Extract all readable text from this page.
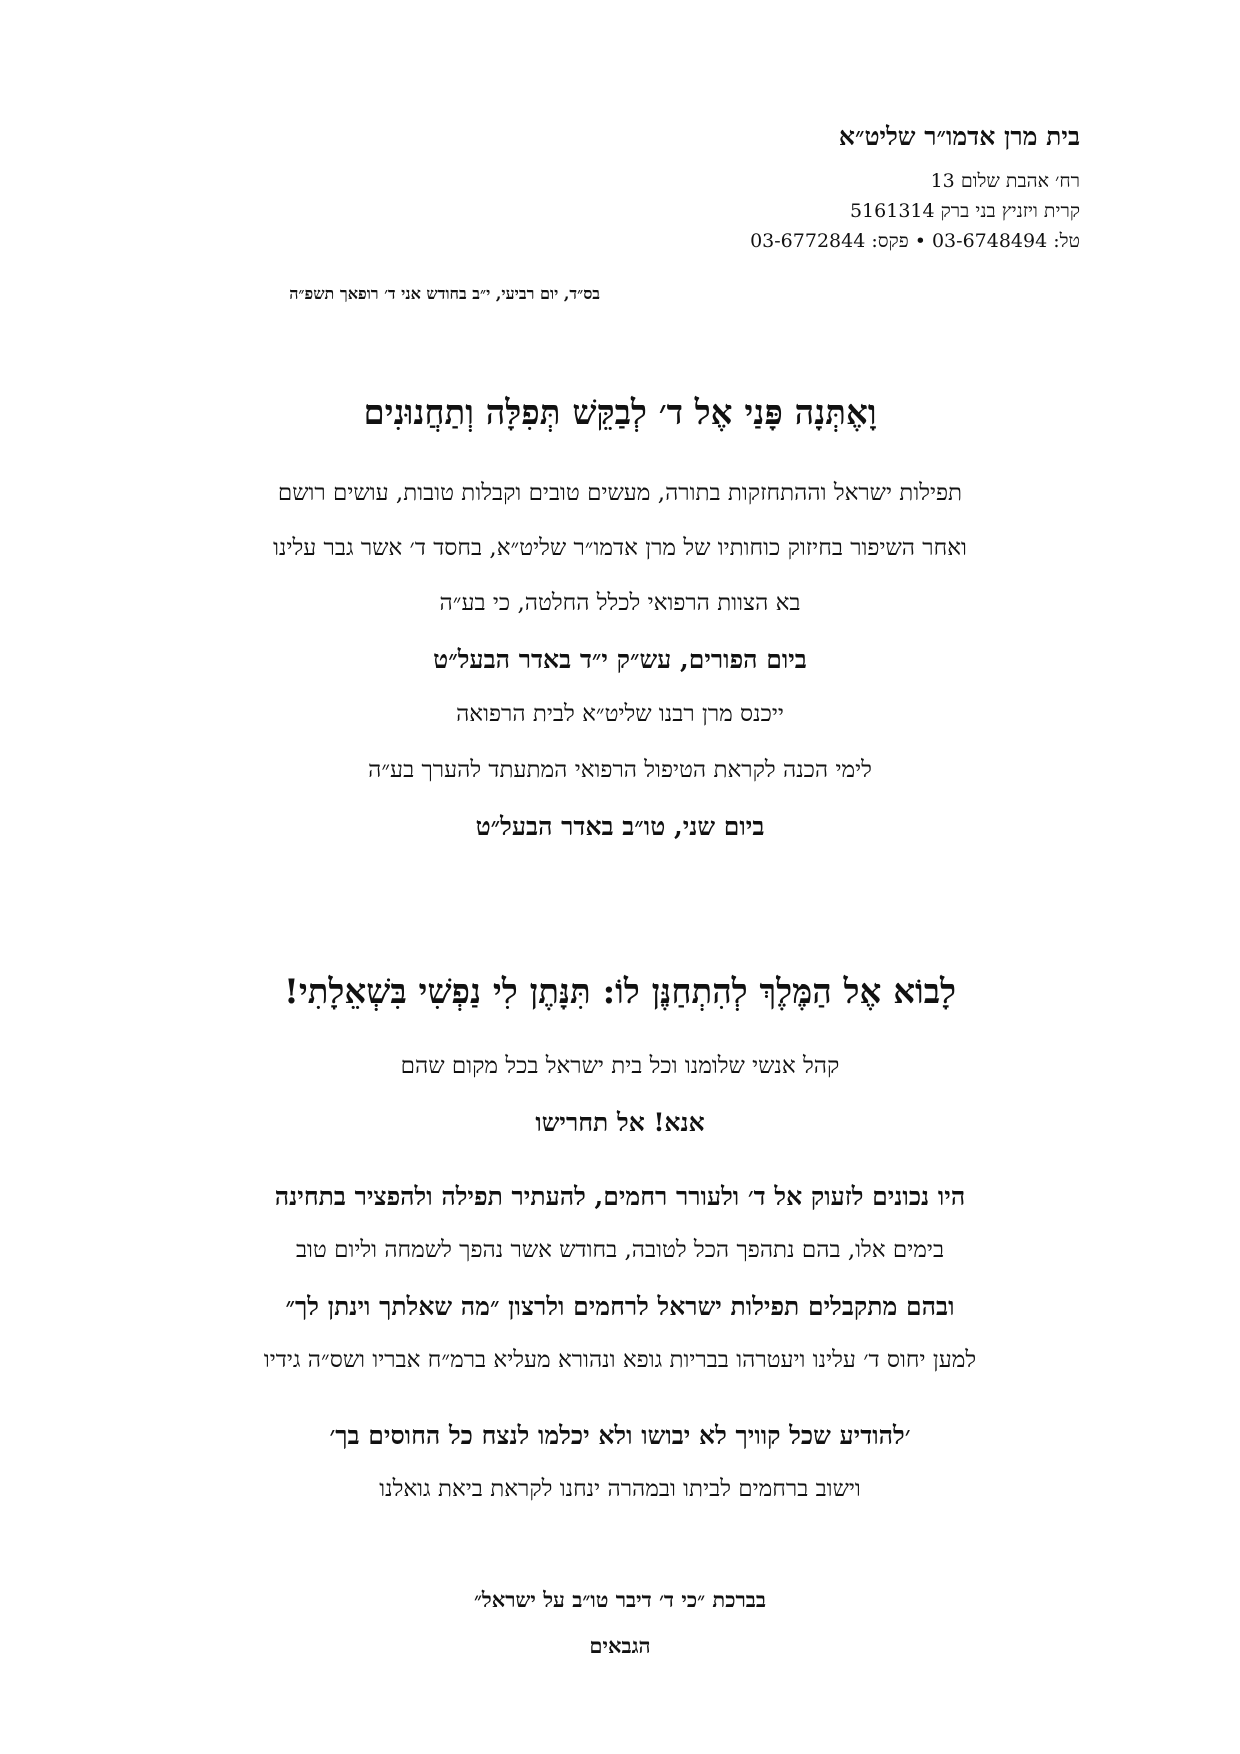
בית מרן אדמו״ר שליט״א
רח׳ אהבת שלום 13
קרית ויזניץ בני ברק 5161314
טל: 03-6748494 • פקס: 03-6772844
בס״ד, יום רביעי, י״ב בחודש אני ד׳ רופאך תשפ״ה
וָאֶתְּנָה פָּנַי אֶל ד׳ לְבַקֵּשׁ תְּפִלָּה וְתַחֲנוּנִים
תפילות ישראל וההתחזקות בתורה, מעשים טובים וקבלות טובות, עושים רושם
ואחר השיפור בחיזוק כוחותיו של מרן אדמו״ר שליט״א, בחסד ד׳ אשר גבר עלינו
בא הצוות הרפואי לכלל החלטה, כי בע״ה
ביום הפורים, עש״ק י״ד באדר הבעל״ט
ייכנס מרן רבנו שליט״א לבית הרפואה
לימי הכנה לקראת הטיפול הרפואי המתעתד להערך בע״ה
ביום שני, טו״ב באדר הבעל״ט
לָבוֹא אֶל הַמֶּלֶךְ לְהִתְחַנֶּן לוֹ: תִּנָּתֶן לִי נַפְשִׁי בִּשְׁאֵלָתִי!
קהל אנשי שלומנו וכל בית ישראל בכל מקום שהם
אנא! אל תחרישו
היו נכונים לזעוק אל ד׳ ולעורר רחמים, להעתיר תפילה ולהפציר בתחינה
בימים אלו, בהם נתהפך הכל לטובה, בחודש אשר נהפך לשמחה וליום טוב
ובהם מתקבלים תפילות ישראל לרחמים ולרצון ״מה שאלתך וינתן לך״
למען יחוס ד׳ עלינו ויעטרהו בבריות גופא ונהורא מעליא ברמ״ח אבריו ושס״ה גידיו
׳להודיע שכל קוויך לא יבושו ולא יכלמו לנצח כל החוסים בך׳
וישוב ברחמים לביתו ובמהרה ינחנו לקראת ביאת גואלנו
בברכת ״כי ד׳ דיבר טו״ב על ישראל״
הגבאים
